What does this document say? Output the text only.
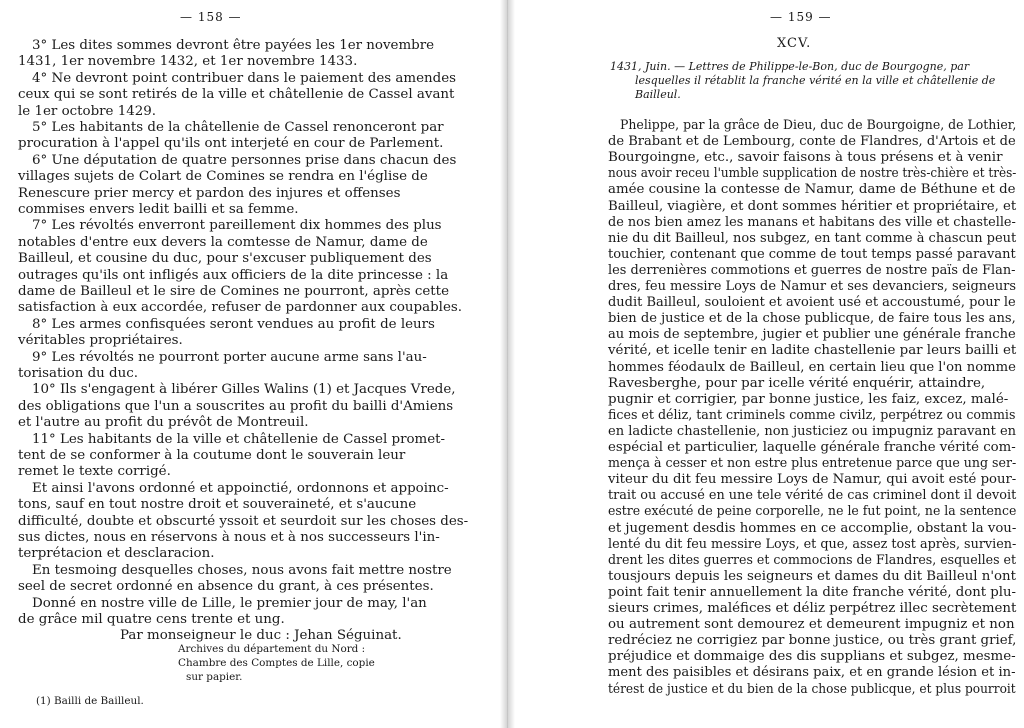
— 158 —
3° Les dites sommes devront être payées les 1er novembre
1431, 1er novembre 1432, et 1er novembre 1433.
4° Ne devront point contribuer dans le paiement des amendes
ceux qui se sont retirés de la ville et châtellenie de Cassel avant
le 1er octobre 1429.
5° Les habitants de la châtellenie de Cassel renonceront par
procuration à l'appel qu'ils ont interjeté en cour de Parlement.
6° Une députation de quatre personnes prise dans chacun des
villages sujets de Colart de Comines se rendra en l'église de
Renescure prier mercy et pardon des injures et offenses
commises envers ledit bailli et sa femme.
7° Les révoltés enverront pareillement dix hommes des plus
notables d'entre eux devers la comtesse de Namur, dame de
Bailleul, et cousine du duc, pour s'excuser publiquement des
outrages qu'ils ont infligés aux officiers de la dite princesse : la
dame de Bailleul et le sire de Comines ne pourront, après cette
satisfaction à eux accordée, refuser de pardonner aux coupables.
8° Les armes confisquées seront vendues au profit de leurs
véritables propriétaires.
9° Les révoltés ne pourront porter aucune arme sans l'au-
torisation du duc.
10° Ils s'engagent à libérer Gilles Walins (1) et Jacques Vrede,
des obligations que l'un a souscrites au profit du bailli d'Amiens
et l'autre au profit du prévôt de Montreuil.
11° Les habitants de la ville et châtellenie de Cassel promet-
tent de se conformer à la coutume dont le souverain leur
remet le texte corrigé.
Et ainsi l'avons ordonné et appoinctié, ordonnons et appoinc-
tons, sauf en tout nostre droit et souveraineté, et s'aucune
difficulté, doubte et obscurté yssoit et seurdoit sur les choses des-
sus dictes, nous en réservons à nous et à nos successeurs l'in-
terprétacion et desclaracion.
En tesmoing desquelles choses, nous avons fait mettre nostre
seel de secret ordonné en absence du grant, à ces présentes.
Donné en nostre ville de Lille, le premier jour de may, l'an
de grâce mil quatre cens trente et ung.
Par monseigneur le duc : Jehan Séguinat.
Archives du département du Nord :
Chambre des Comptes de Lille, copie
sur papier.
(1) Bailli de Bailleul.
— 159 —
XCV.
1431, Juin. — Lettres de Philippe-le-Bon, duc de Bourgogne, par
lesquelles il rétablit la franche vérité en la ville et châtellenie de
Bailleul.
Phelippe, par la grâce de Dieu, duc de Bourgoigne, de Lothier,
de Brabant et de Lembourg, conte de Flandres, d'Artois et de
Bourgoingne, etc., savoir faisons à tous présens et à venir
nous avoir receu l'umble supplication de nostre très-chière et très-
amée cousine la contesse de Namur, dame de Béthune et de
Bailleul, viagière, et dont sommes héritier et propriétaire, et
de nos bien amez les manans et habitans des ville et chastelle-
nie du dit Bailleul, nos subgez, en tant comme à chascun peut
touchier, contenant que comme de tout temps passé paravant
les derrenières commotions et guerres de nostre païs de Flan-
dres, feu messire Loys de Namur et ses devanciers, seigneurs
dudit Bailleul, souloient et avoient usé et accoustumé, pour le
bien de justice et de la chose publicque, de faire tous les ans,
au mois de septembre, jugier et publier une générale franche
vérité, et icelle tenir en ladite chastellenie par leurs bailli et
hommes féodaulx de Bailleul, en certain lieu que l'on nomme
Ravesberghe, pour par icelle vérité enquérir, attaindre,
pugnir et corrigier, par bonne justice, les faiz, excez, malé-
fices et déliz, tant criminels comme civilz, perpétrez ou commis
en ladicte chastellenie, non justiciez ou impugniz paravant en
espécial et particulier, laquelle générale franche vérité com-
mença à cesser et non estre plus entretenue parce que ung ser-
viteur du dit feu messire Loys de Namur, qui avoit esté pour-
trait ou accusé en une tele vérité de cas criminel dont il devoit
estre exécuté de peine corporelle, ne le fut point, ne la sentence
et jugement desdis hommes en ce accomplie, obstant la vou-
lenté du dit feu messire Loys, et que, assez tost après, survien-
drent les dites guerres et commocions de Flandres, esquelles et
tousjours depuis les seigneurs et dames du dit Bailleul n'ont
point fait tenir annuellement la dite franche vérité, dont plu-
sieurs crimes, maléfices et déliz perpétrez illec secrètement
ou autrement sont demourez et demeurent impugniz et non
redréciez ne corrigiez par bonne justice, ou très grant grief,
préjudice et dommaige des dis supplians et subgez, mesme-
ment des paisibles et désirans paix, et en grande lésion et in-
térest de justice et du bien de la chose publicque, et plus pourroit
